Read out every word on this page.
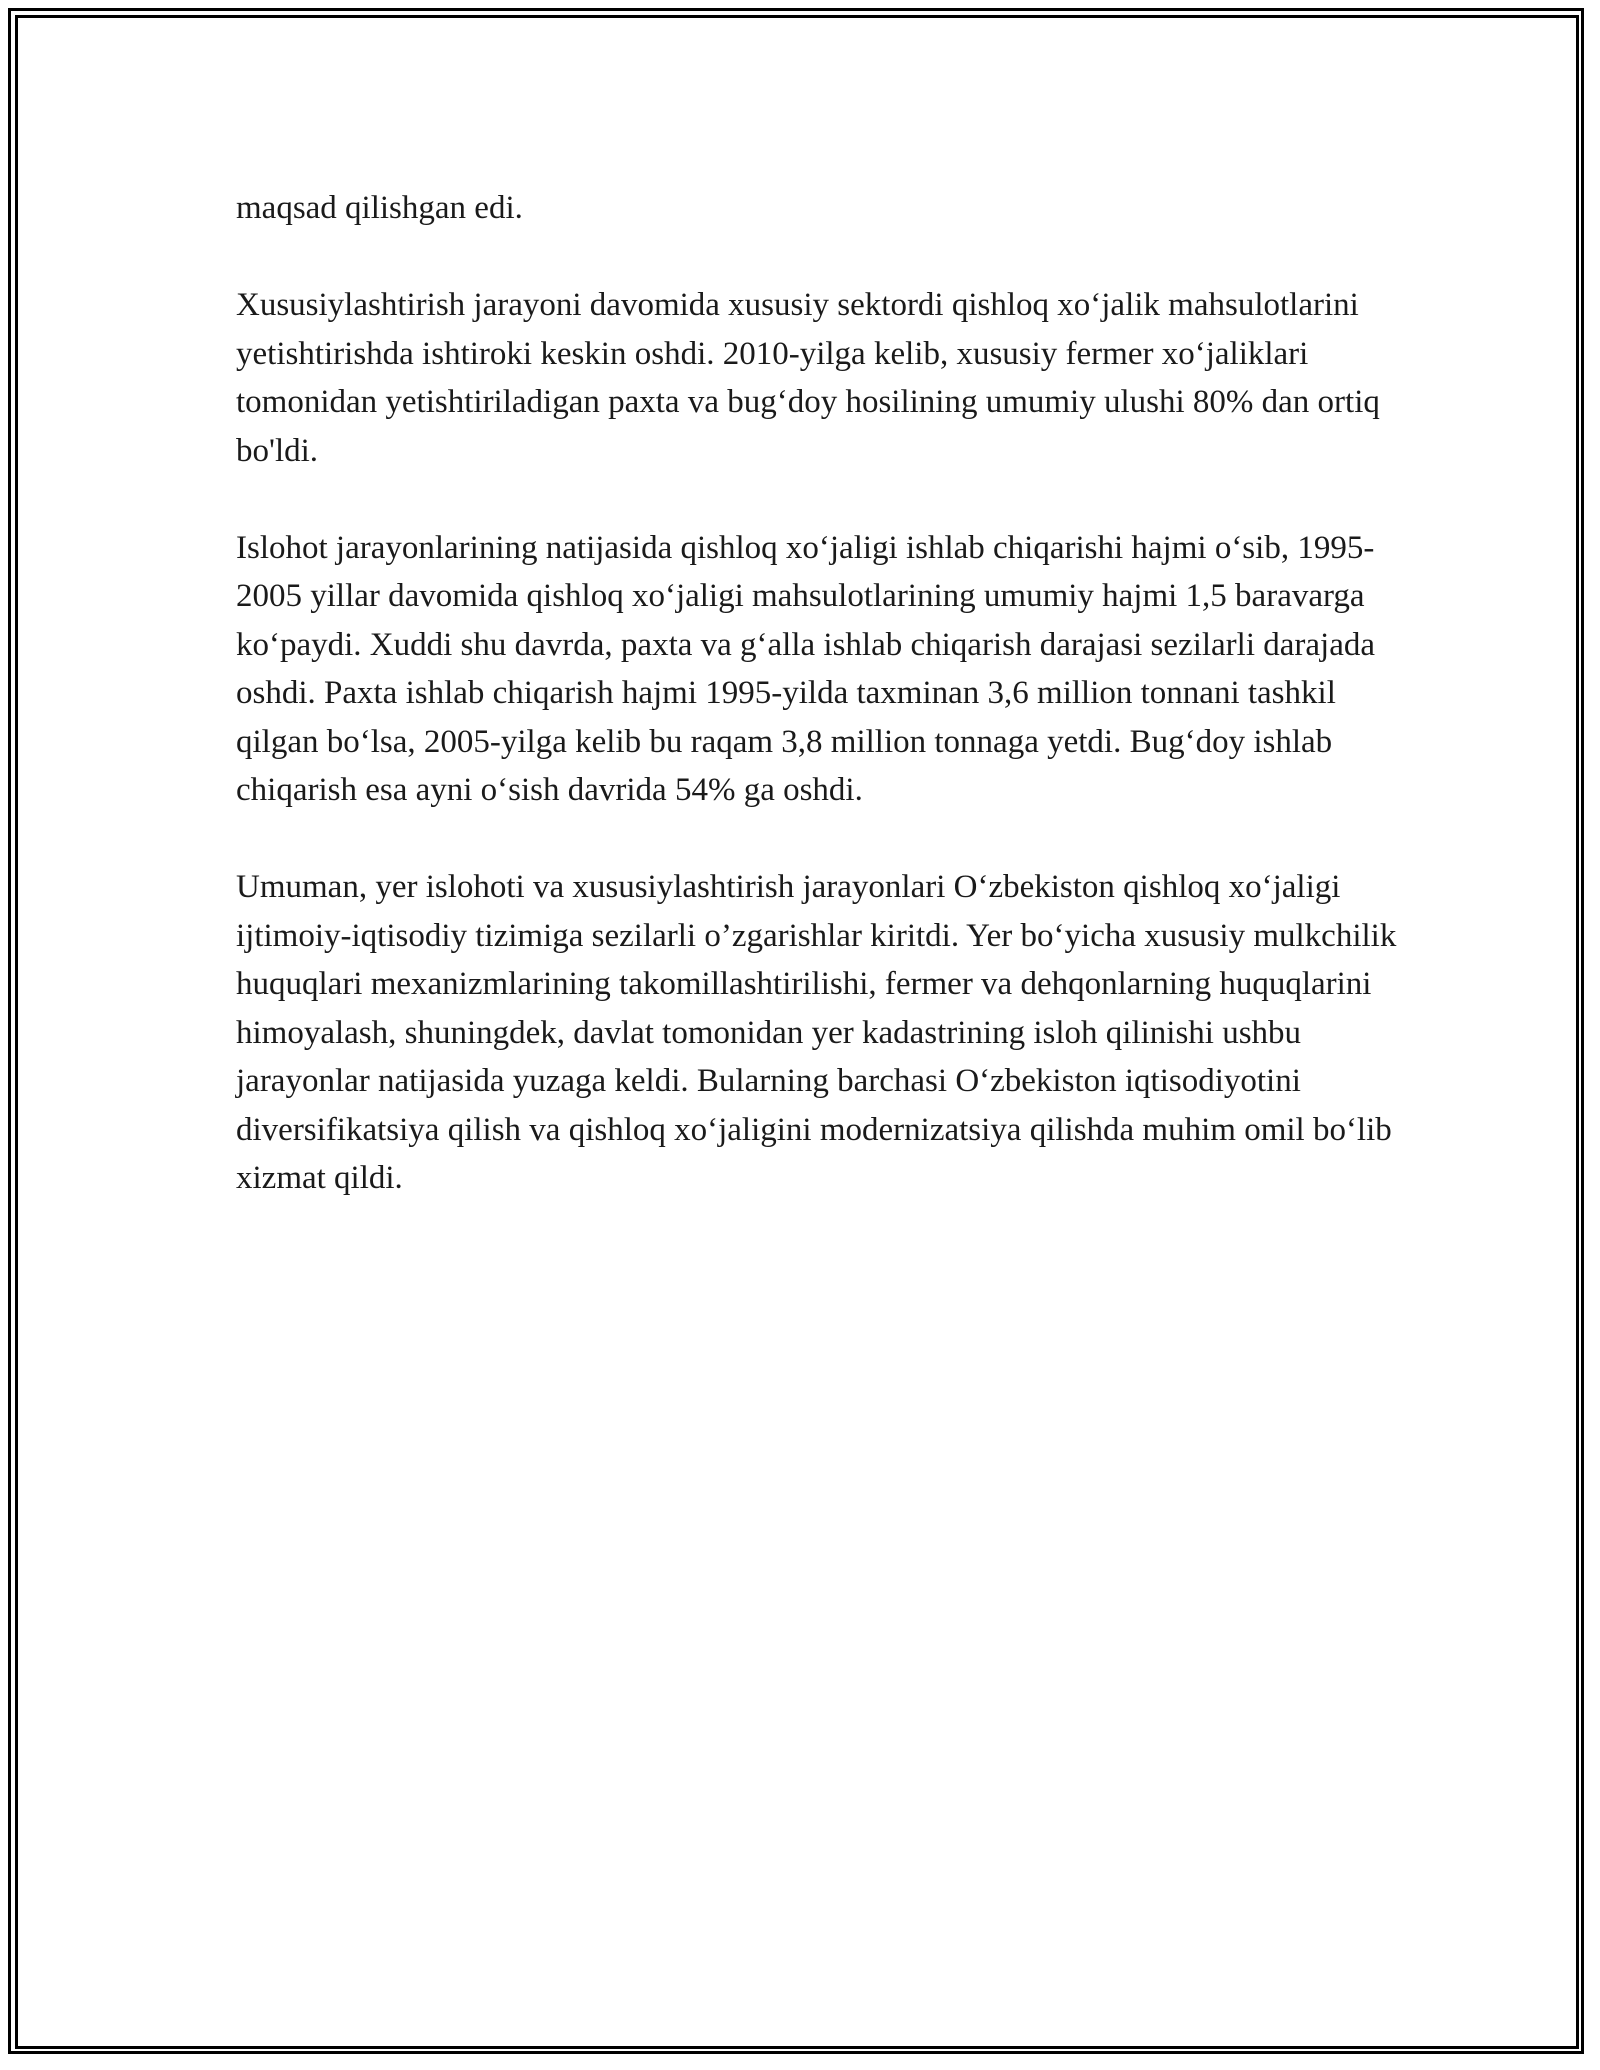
maqsad qilishgan edi.

Xususiylashtirish jarayoni davomida xususiy sektordi qishloq xo‘jalik mahsulotlarini yetishtirishda ishtiroki keskin oshdi. 2010-yilga kelib, xususiy fermer xo‘jaliklari tomonidan yetishtiriladigan paxta va bug‘doy hosilining umumiy ulushi 80% dan ortiq bo'ldi.

Islohot jarayonlarining natijasida qishloq xo‘jaligi ishlab chiqarishi hajmi o‘sib, 1995-2005 yillar davomida qishloq xo‘jaligi mahsulotlarining umumiy hajmi 1,5 baravarga ko‘paydi. Xuddi shu davrda, paxta va g‘alla ishlab chiqarish darajasi sezilarli darajada oshdi. Paxta ishlab chiqarish hajmi 1995-yilda taxminan 3,6 million tonnani tashkil qilgan bo‘lsa, 2005-yilga kelib bu raqam 3,8 million tonnaga yetdi. Bug‘doy ishlab chiqarish esa ayni o‘sish davrida 54% ga oshdi.

Umuman, yer islohoti va xususiylashtirish jarayonlari O‘zbekiston qishloq xo‘jaligi ijtimoiy-iqtisodiy tizimiga sezilarli o’zgarishlar kiritdi. Yer bo‘yicha xususiy mulkchilik huquqlari mexanizmlarining takomillashtirilishi, fermer va dehqonlarning huquqlarini himoyalash, shuningdek, davlat tomonidan yer kadastrining isloh qilinishi ushbu jarayonlar natijasida yuzaga keldi. Bularning barchasi O‘zbekiston iqtisodiyotini diversifikatsiya qilish va qishloq xo‘jaligini modernizatsiya qilishda muhim omil bo‘lib xizmat qildi.
